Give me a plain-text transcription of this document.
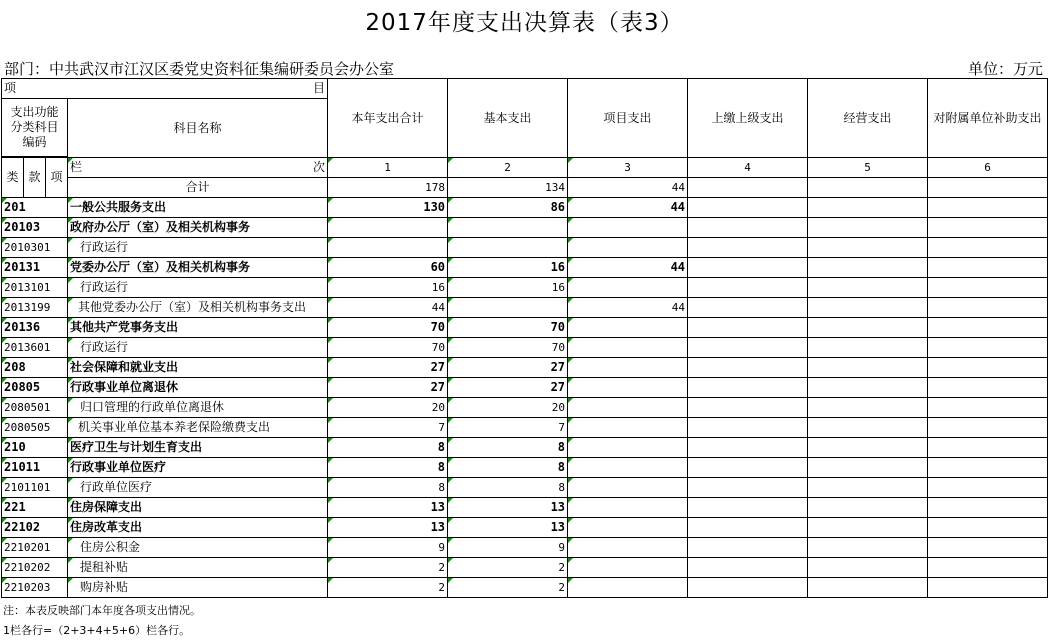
2017年度支出决算表（表3）
部门：中共武汉市江汉区委党史资料征集编研委员会办公室	单位：万元
项 目				本年支出合计	基本支出	项目支出	上缴上级支出	经营支出	对附属单位补助支出
支出功能分类科目编码			科目名称						

类	款	项	栏 次	1	2	3	4	5	6
			合计	178	134	44			
201			一般公共服务支出	130	86	44			
20103			政府办公厅（室）及相关机构事务						
2010301			行政运行						
20131			党委办公厅（室）及相关机构事务	60	16	44			
2013101			行政运行	16	16				
2013199			其他党委办公厅（室）及相关机构事务支出	44		44			
20136			其他共产党事务支出	70	70				
2013601			行政运行	70	70				
208			社会保障和就业支出	27	27				
20805			行政事业单位离退休	27	27				
2080501			归口管理的行政单位离退休	20	20				
2080505			机关事业单位基本养老保险缴费支出	7	7				
210			医疗卫生与计划生育支出	8	8				
21011			行政事业单位医疗	8	8				
2101101			行政单位医疗	8	8				
221			住房保障支出	13	13				
22102			住房改革支出	13	13				
2210201			住房公积金	9	9				
2210202			提租补贴	2	2				
2210203			购房补贴	2	2				
注：本表反映部门本年度各项支出情况。
1栏各行=（2+3+4+5+6）栏各行。
